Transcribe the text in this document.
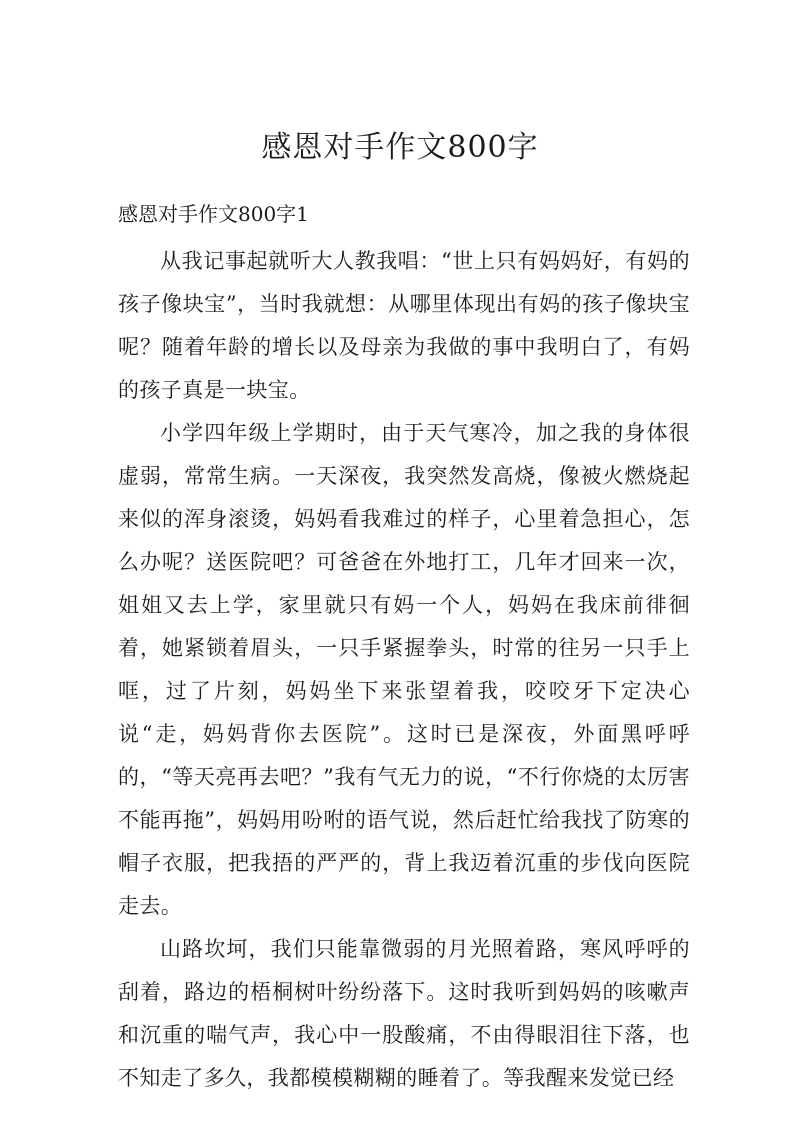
感恩对手作文800字
感恩对手作文800字1

从我记事起就听大人教我唱：“世上只有妈妈好，有妈的孩子像块宝”，当时我就想：从哪里体现出有妈的孩子像块宝呢？随着年龄的增长以及母亲为我做的事中我明白了，有妈的孩子真是一块宝。

小学四年级上学期时，由于天气寒冷，加之我的身体很虚弱，常常生病。一天深夜，我突然发高烧，像被火燃烧起来似的浑身滚烫，妈妈看我难过的样子，心里着急担心，怎么办呢？送医院吧？可爸爸在外地打工，几年才回来一次，姐姐又去上学，家里就只有妈一个人，妈妈在我床前徘徊着，她紧锁着眉头，一只手紧握拳头，时常的往另一只手上哐，过了片刻，妈妈坐下来张望着我，咬咬牙下定决心说“走，妈妈背你去医院”。这时已是深夜，外面黑呼呼的，“等天亮再去吧？”我有气无力的说，“不行你烧的太厉害不能再拖”，妈妈用吩咐的语气说，然后赶忙给我找了防寒的帽子衣服，把我捂的严严的，背上我迈着沉重的步伐向医院走去。

山路坎坷，我们只能靠微弱的月光照着路，寒风呼呼的刮着，路边的梧桐树叶纷纷落下。这时我听到妈妈的咳嗽声和沉重的喘气声，我心中一股酸痛，不由得眼泪往下落，也不知走了多久，我都模模糊糊的睡着了。等我醒来发觉已经
